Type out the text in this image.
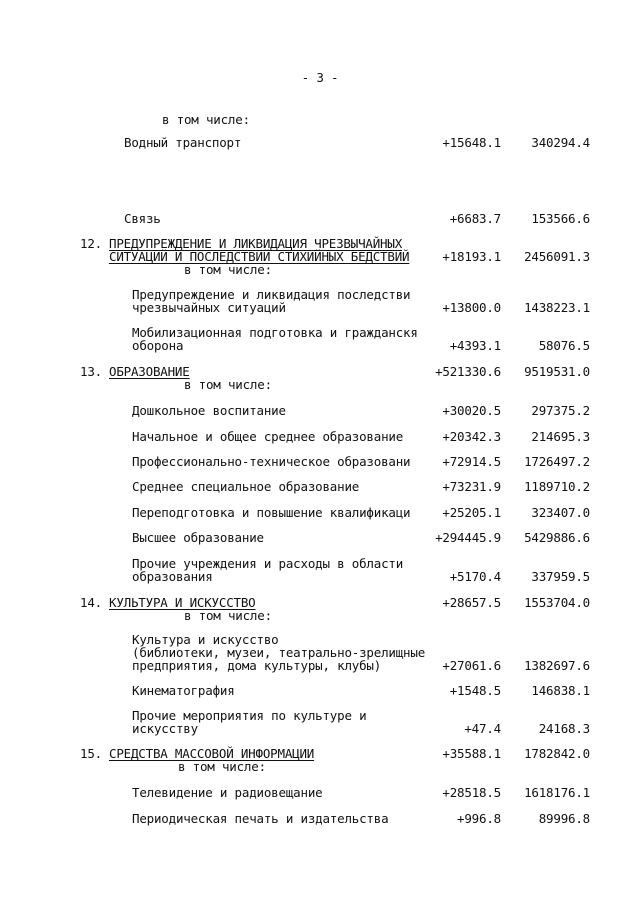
- 3 -
в том числе:
Водный транспорт	+15648.1 340294.4
Связь	+6683.7 153566.6
12. ПРЕДУПРЕЖДЕНИЕ И ЛИКВИДАЦИЯ ЧРЕЗВЫЧАЙНЫХ
СИТУАЦИЙ И ПОСЛЕДСТВИЙ СТИХИЙНЫХ БЕДСТВИЙ	+18193.1 2456091.3
в том числе:
Предупреждение и ликвидация последстви
чрезвычайных ситуаций	+13800.0 1438223.1
Мобилизационная подготовка и гражданскя
оборона	+4393.1	58076.5
13. ОБРАЗОВАНИЕ	+521330.6 9519531.0
в том числе:
Дошкольное воспитание	+30020.5 297375.2
Начальное и общее среднее образование	+20342.3 214695.3
Профессионально-техническое образовани	+72914.5 1726497.2
Среднее специальное образование	+73231.9 1189710.2
Переподготовка и повышение квалификаци	+25205.1 323407.0
Высшее образование	+294445.9 5429886.6
Прочие учреждения и расходы в области
образования	+5170.4 337959.5
14. КУЛЬТУРА И ИСКУССТВО	+28657.5 1553704.0
в том числе:
Культура и искусство
(библиотеки, музеи, театрально-зрелищные
предприятия, дома культуры, клубы)	+27061.6 1382697.6
Кинематография	+1548.5 146838.1
Прочие мероприятия по культуре и
искусству	+47.4	24168.3
15. СРЕДСТВА МАССОВОЙ ИНФОРМАЦИИ	+35588.1 1782842.0
в том числе:
Телевидение и радиовещание	+28518.5 1618176.1
Периодическая печать и издательства	+996.8	89996.8
